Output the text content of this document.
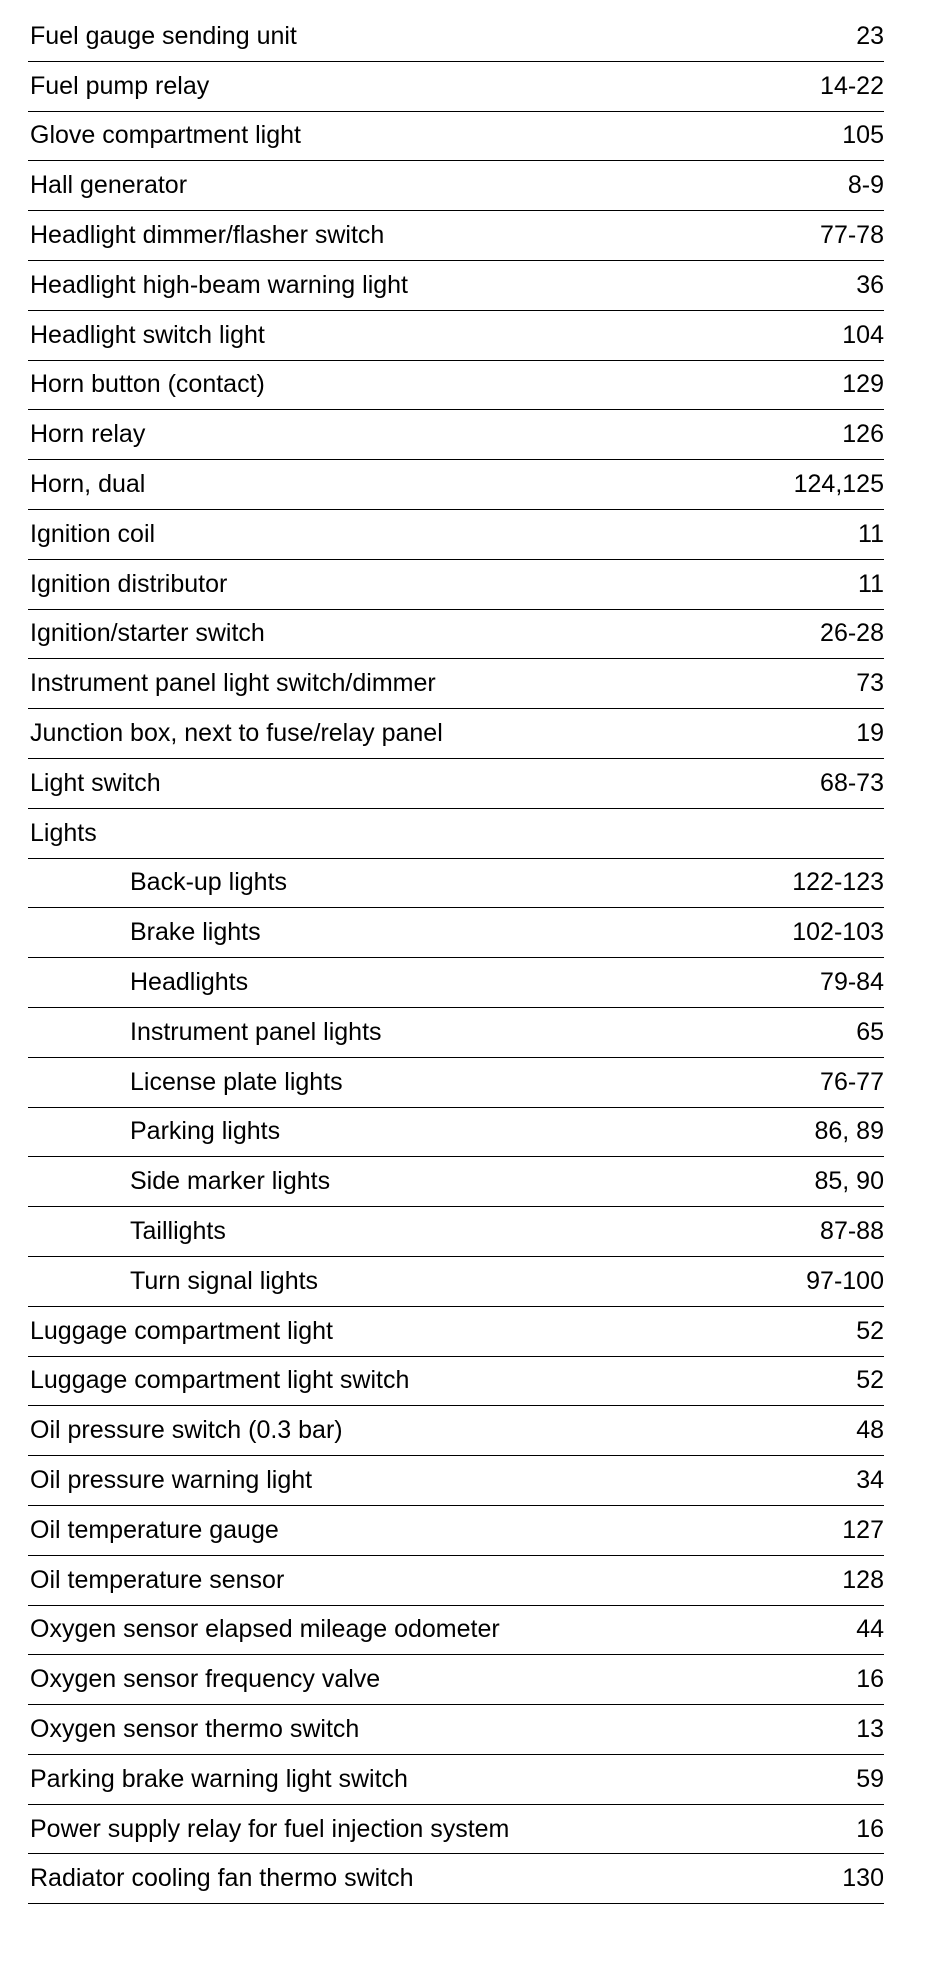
Fuel gauge sending unit	23
Fuel pump relay	14-22
Glove compartment light	105
Hall generator	8-9
Headlight dimmer/flasher switch	77-78
Headlight high-beam warning light	36
Headlight switch light	104
Horn button (contact)	129
Horn relay	126
Horn, dual	124,125
Ignition coil	11
Ignition distributor	11
Ignition/starter switch	26-28
Instrument panel light switch/dimmer	73
Junction box, next to fuse/relay panel	19
Light switch	68-73
Lights
Back-up lights	122-123
Brake lights	102-103
Headlights	79-84
Instrument panel lights	65
License plate lights	76-77
Parking lights	86, 89
Side marker lights	85, 90
Taillights	87-88
Turn signal lights	97-100
Luggage compartment light	52
Luggage compartment light switch	52
Oil pressure switch (0.3 bar)	48
Oil pressure warning light	34
Oil temperature gauge	127
Oil temperature sensor	128
Oxygen sensor elapsed mileage odometer	44
Oxygen sensor frequency valve	16
Oxygen sensor thermo switch	13
Parking brake warning light switch	59
Power supply relay for fuel injection system	16
Radiator cooling fan thermo switch	130
